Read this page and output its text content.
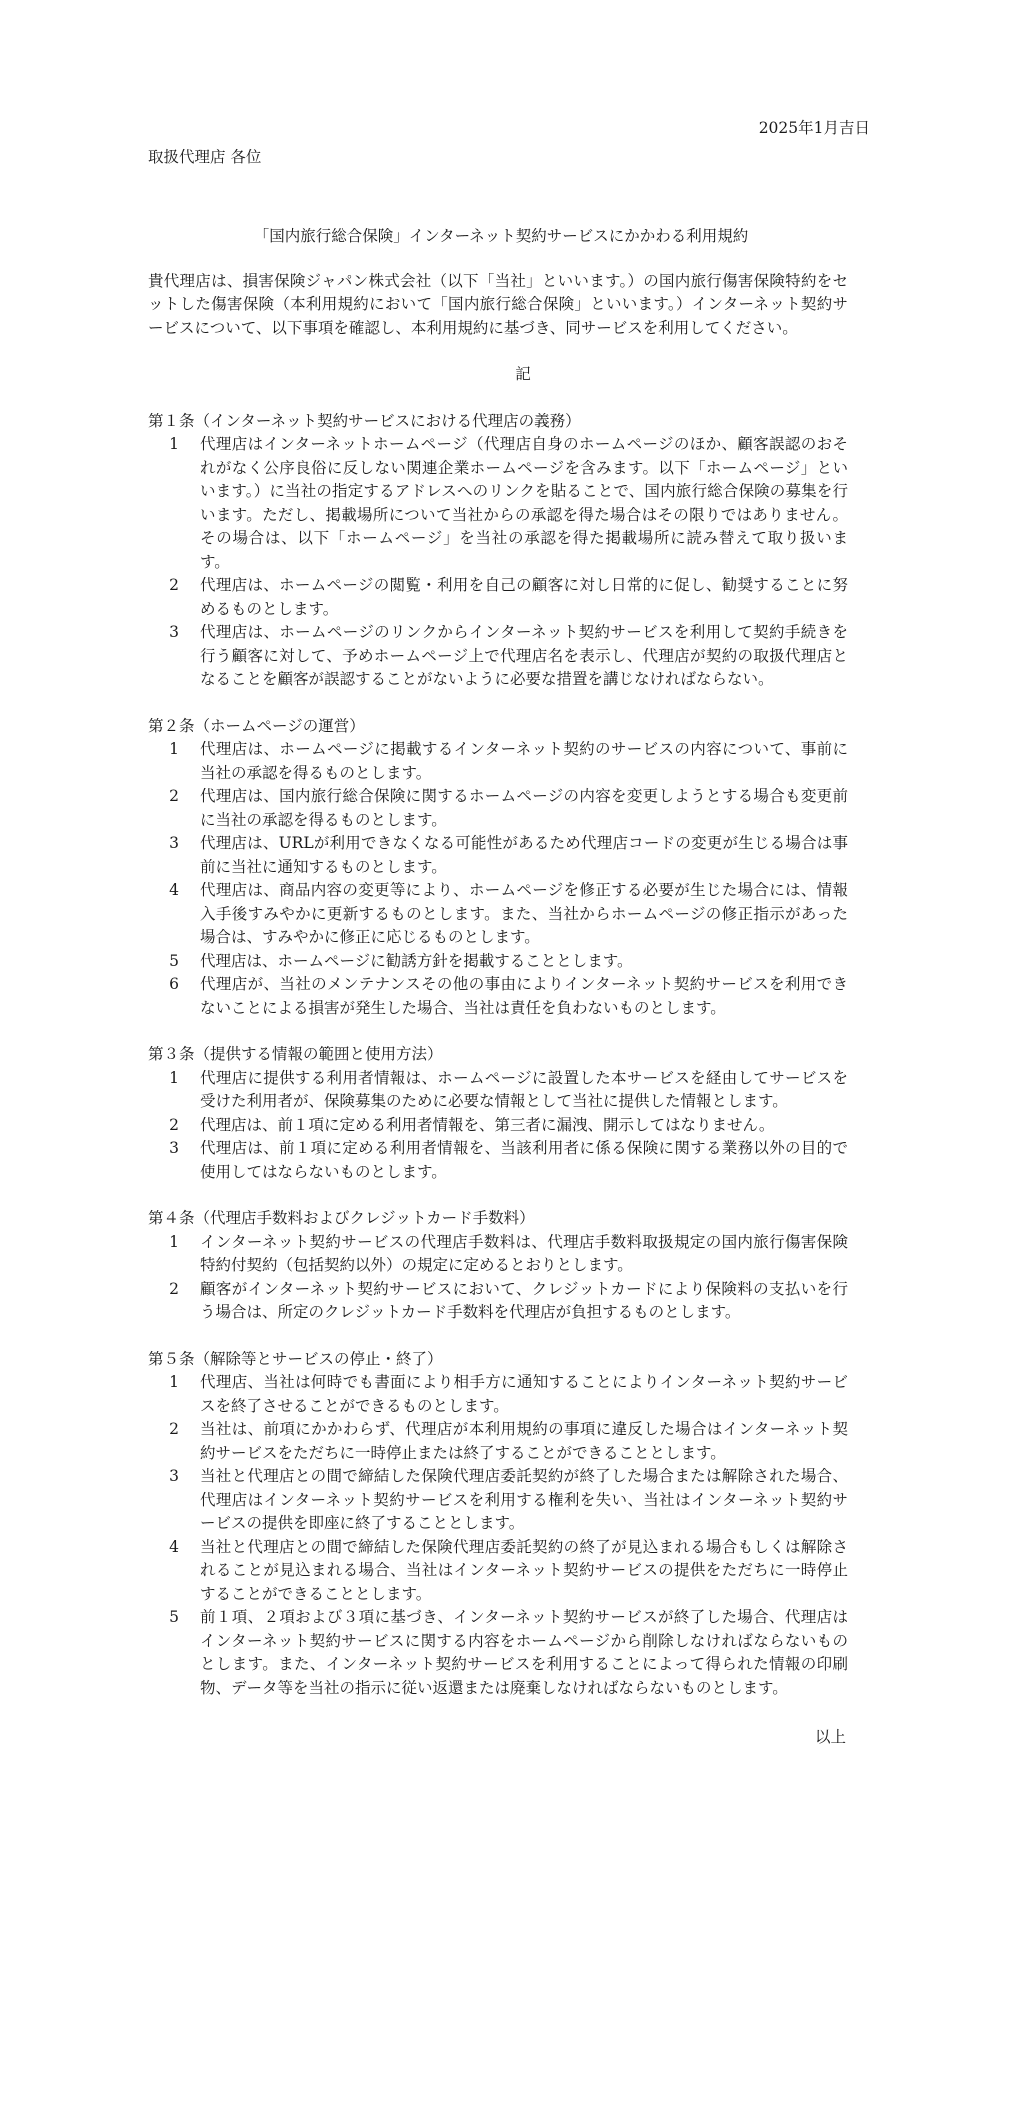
2025年1月吉日
取扱代理店 各位
「国内旅行総合保険」インターネット契約サービスにかかわる利用規約
貴代理店は、損害保険ジャパン株式会社（以下「当社」といいます。）の国内旅行傷害保険特約をセットした傷害保険（本利用規約において「国内旅行総合保険」といいます。）インターネット契約サービスについて、以下事項を確認し、本利用規約に基づき、同サービスを利用してください。
記
第１条（インターネット契約サービスにおける代理店の義務）
1	代理店はインターネットホームページ（代理店自身のホームページのほか、顧客誤認のおそれがなく公序良俗に反しない関連企業ホームページを含みます。以下「ホームページ」といいます。）に当社の指定するアドレスへのリンクを貼ることで、国内旅行総合保険の募集を行います。ただし、掲載場所について当社からの承認を得た場合はその限りではありません。その場合は、以下「ホームページ」を当社の承認を得た掲載場所に読み替えて取り扱います。
2	代理店は、ホームページの閲覧・利用を自己の顧客に対し日常的に促し、勧奨することに努めるものとします。
3	代理店は、ホームページのリンクからインターネット契約サービスを利用して契約手続きを行う顧客に対して、予めホームページ上で代理店名を表示し、代理店が契約の取扱代理店となることを顧客が誤認することがないように必要な措置を講じなければならない。
第２条（ホームページの運営）
1	代理店は、ホームページに掲載するインターネット契約のサービスの内容について、事前に当社の承認を得るものとします。
2	代理店は、国内旅行総合保険に関するホームページの内容を変更しようとする場合も変更前に当社の承認を得るものとします。
3	代理店は、URLが利用できなくなる可能性があるため代理店コードの変更が生じる場合は事前に当社に通知するものとします。
4	代理店は、商品内容の変更等により、ホームページを修正する必要が生じた場合には、情報入手後すみやかに更新するものとします。また、当社からホームページの修正指示があった場合は、すみやかに修正に応じるものとします。
5	代理店は、ホームページに勧誘方針を掲載することとします。
6	代理店が、当社のメンテナンスその他の事由によりインターネット契約サービスを利用できないことによる損害が発生した場合、当社は責任を負わないものとします。
第３条（提供する情報の範囲と使用方法）
1	代理店に提供する利用者情報は、ホームページに設置した本サービスを経由してサービスを受けた利用者が、保険募集のために必要な情報として当社に提供した情報とします。
2	代理店は、前１項に定める利用者情報を、第三者に漏洩、開示してはなりません。
3	代理店は、前１項に定める利用者情報を、当該利用者に係る保険に関する業務以外の目的で使用してはならないものとします。
第４条（代理店手数料およびクレジットカード手数料）
1	インターネット契約サービスの代理店手数料は、代理店手数料取扱規定の国内旅行傷害保険特約付契約（包括契約以外）の規定に定めるとおりとします。
2	顧客がインターネット契約サービスにおいて、クレジットカードにより保険料の支払いを行う場合は、所定のクレジットカード手数料を代理店が負担するものとします。
第５条（解除等とサービスの停止・終了）
1	代理店、当社は何時でも書面により相手方に通知することによりインターネット契約サービスを終了させることができるものとします。
2	当社は、前項にかかわらず、代理店が本利用規約の事項に違反した場合はインターネット契約サービスをただちに一時停止または終了することができることとします。
3	当社と代理店との間で締結した保険代理店委託契約が終了した場合または解除された場合、代理店はインターネット契約サービスを利用する権利を失い、当社はインターネット契約サービスの提供を即座に終了することとします。
4	当社と代理店との間で締結した保険代理店委託契約の終了が見込まれる場合もしくは解除されることが見込まれる場合、当社はインターネット契約サービスの提供をただちに一時停止することができることとします。
5	前１項、２項および３項に基づき、インターネット契約サービスが終了した場合、代理店はインターネット契約サービスに関する内容をホームページから削除しなければならないものとします。また、インターネット契約サービスを利用することによって得られた情報の印刷物、データ等を当社の指示に従い返還または廃棄しなければならないものとします。
以上
